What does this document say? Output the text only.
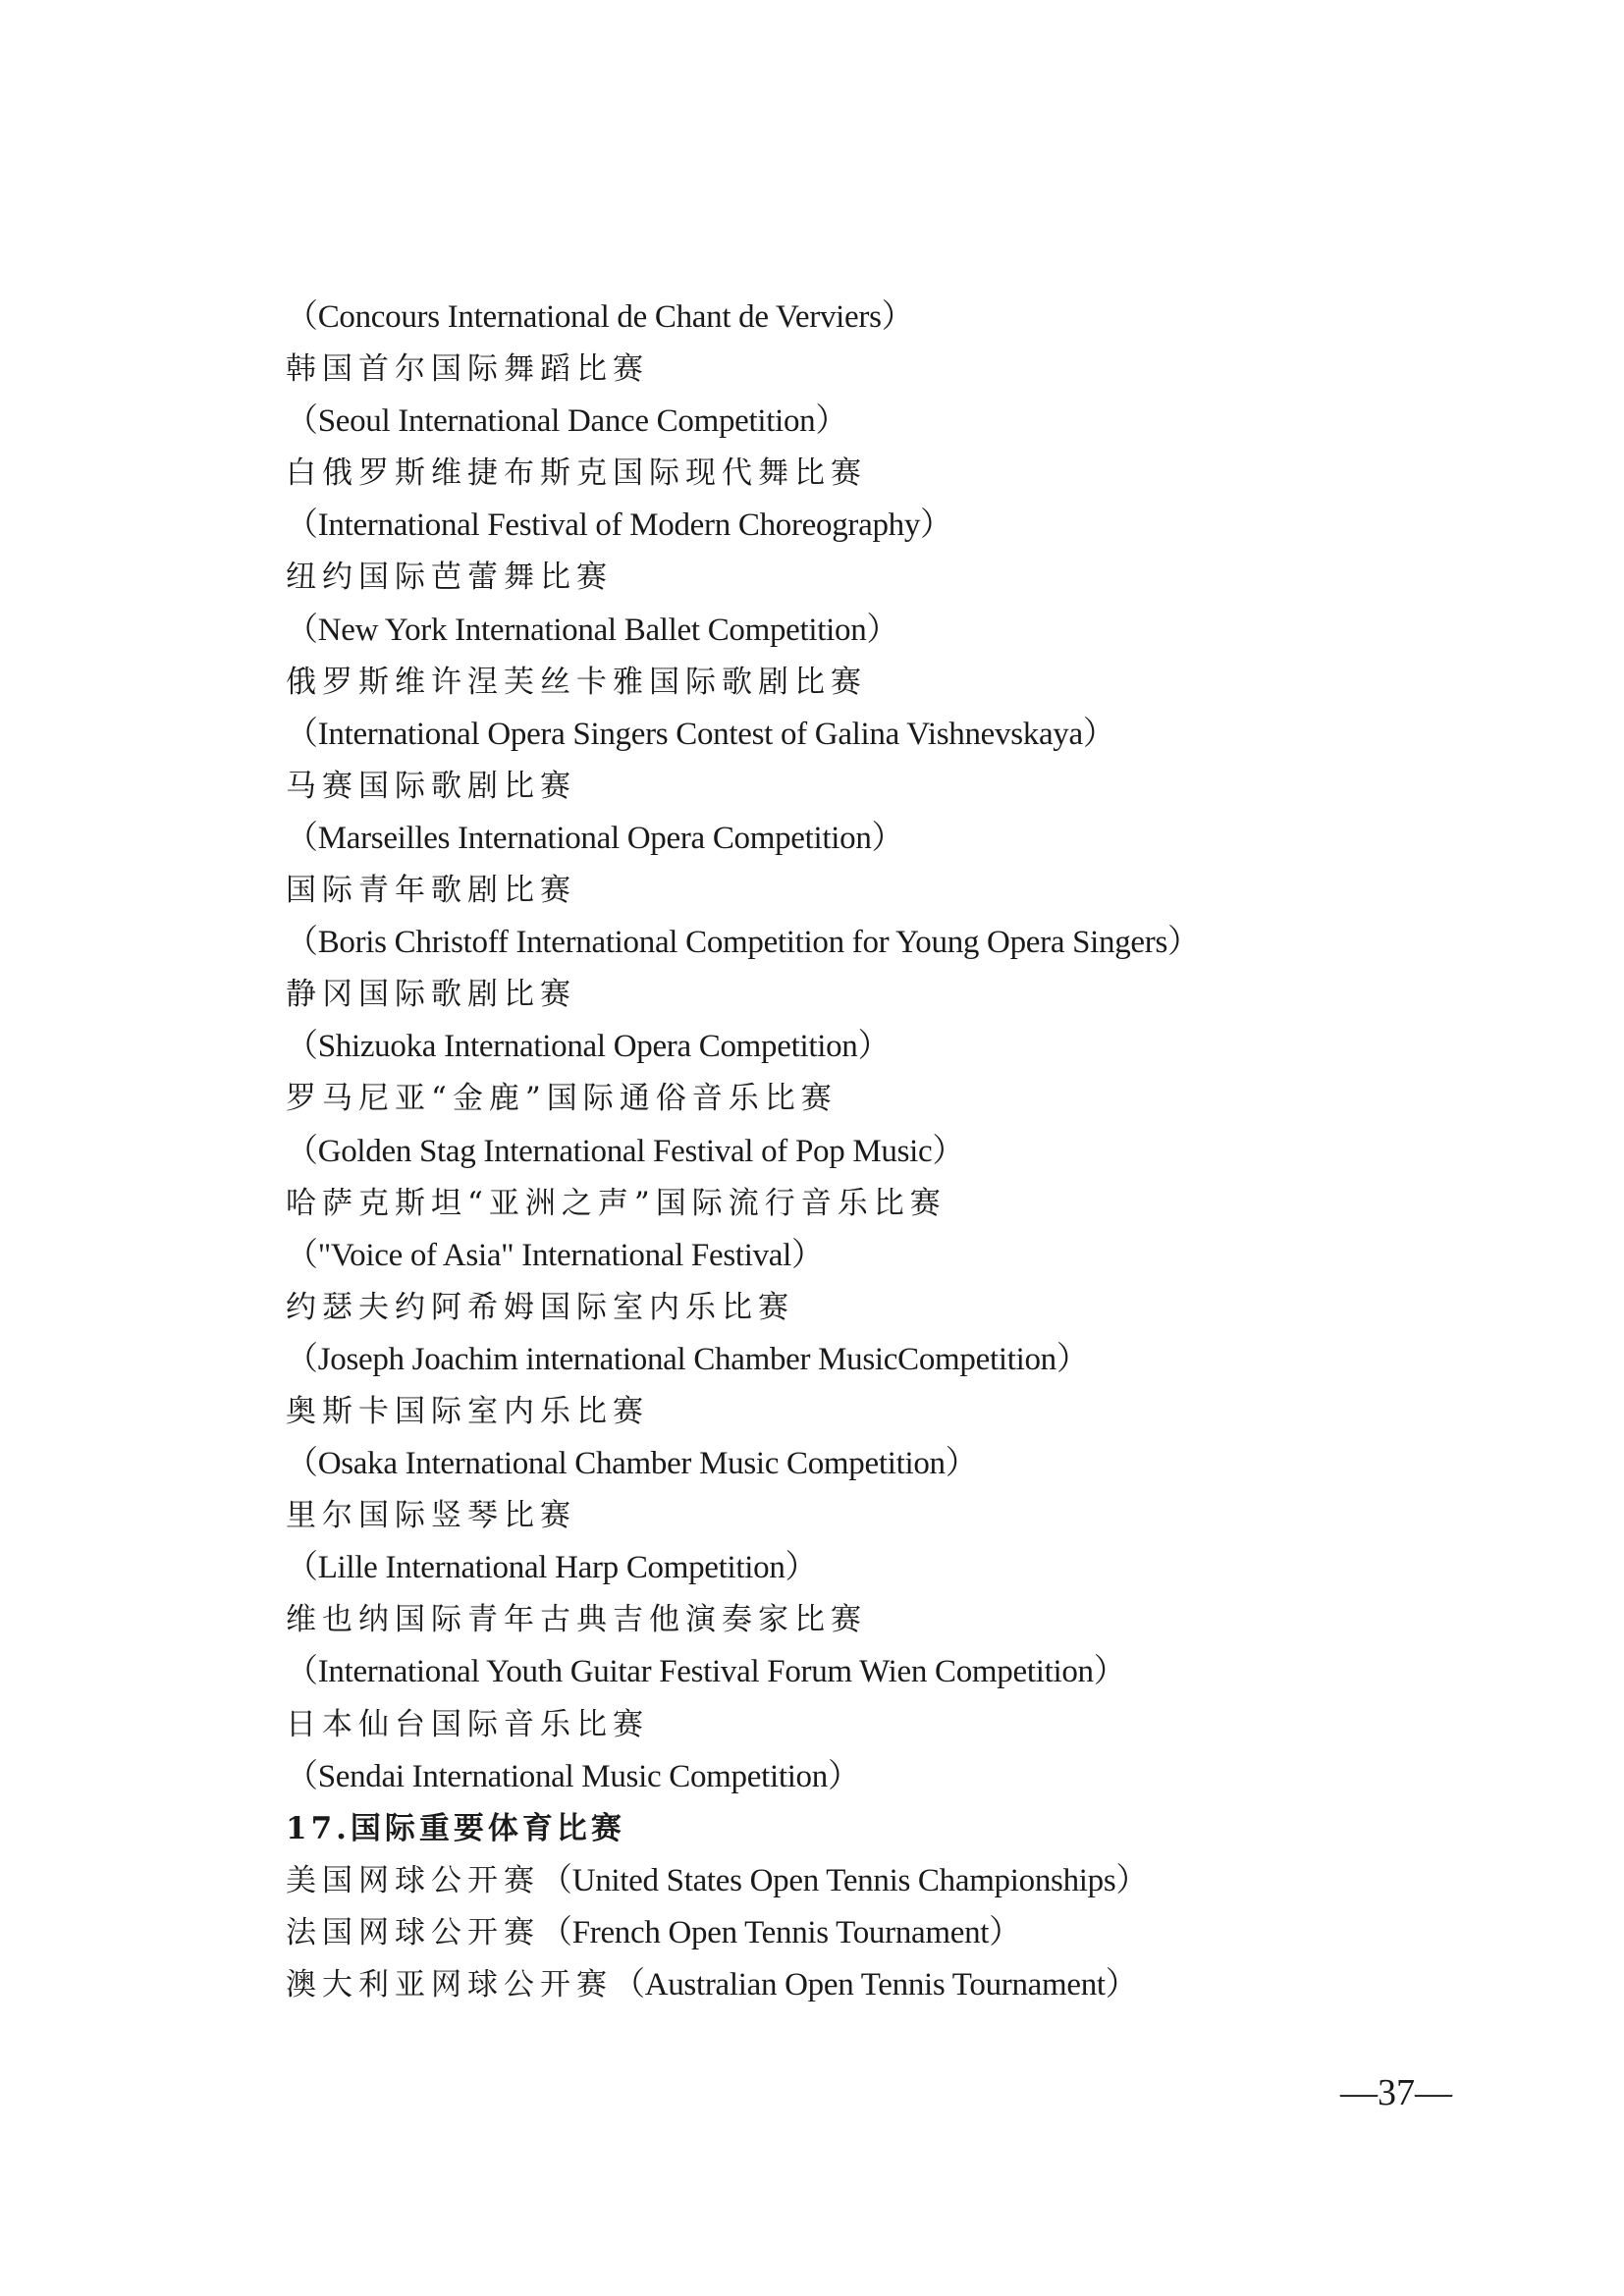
（Concours International de Chant de Verviers）
韩国首尔国际舞蹈比赛
（Seoul International Dance Competition）
白俄罗斯维捷布斯克国际现代舞比赛
（International Festival of Modern Choreography）
纽约国际芭蕾舞比赛
（New York International Ballet Competition）
俄罗斯维许涅芙丝卡雅国际歌剧比赛
（International Opera Singers Contest of Galina Vishnevskaya）
马赛国际歌剧比赛
（Marseilles International Opera Competition）
国际青年歌剧比赛
（Boris Christoff International Competition for Young Opera Singers）
静冈国际歌剧比赛
（Shizuoka International Opera Competition）
罗马尼亚“金鹿”国际通俗音乐比赛
（Golden Stag International Festival of Pop Music）
哈萨克斯坦“亚洲之声”国际流行音乐比赛
（"Voice of Asia" International Festival）
约瑟夫约阿希姆国际室内乐比赛
（Joseph Joachim international Chamber MusicCompetition）
奥斯卡国际室内乐比赛
（Osaka International Chamber Music Competition）
里尔国际竖琴比赛
（Lille International Harp Competition）
维也纳国际青年古典吉他演奏家比赛
（International Youth Guitar Festival Forum Wien Competition）
日本仙台国际音乐比赛
（Sendai International Music Competition）
17.国际重要体育比赛
美国网球公开赛（United States Open Tennis Championships）
法国网球公开赛（French Open Tennis Tournament）
澳大利亚网球公开赛（Australian Open Tennis Tournament）
—37—
